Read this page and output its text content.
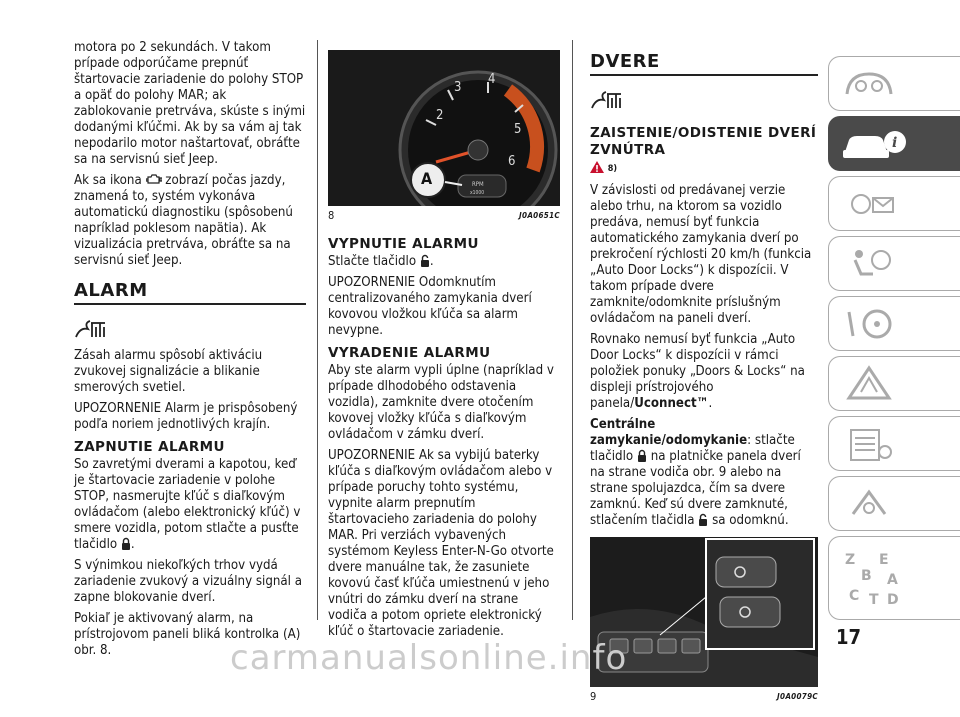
motora po 2 sekundách. V takom prípade odporúčame prepnúť štartovacie zariadenie do polohy STOP a opäť do polohy MAR; ak zablokovanie pretrváva, skúste s inými dodanými kľúčmi. Ak by sa vám aj tak nepodarilo motor naštartovať, obráťte sa na servisnú sieť Jeep.

Ak sa ikona zobrazí počas jazdy, znamená to, systém vykonáva automatickú diagnostiku (spôsobenú napríklad poklesom napätia). Ak vizualizácia pretrváva, obráťte sa na servisnú sieť Jeep.

ALARM

Zásah alarmu spôsobí aktiváciu zvukovej signalizácie a blikanie smerových svetiel.

UPOZORNENIE Alarm je prispôsobený podľa noriem jednotlivých krajín.

ZAPNUTIE ALARMU

So zavretými dverami a kapotou, keď je štartovacie zariadenie v polohe STOP, nasmerujte kľúč s diaľkovým ovládačom (alebo elektronický kľúč) v smere vozidla, potom stlačte a pusťte tlačidlo .

S výnimkou niekoľkých trhov vydá zariadenie zvukový a vizuálny signál a zapne blokovanie dverí.

Pokiaľ je aktivovaný alarm, na prístrojovom paneli bliká kontrolka (A) obr. 8.

A	RPM
x1000
2
3
4
5
6
8	J0A0651C
VYPNUTIE ALARMU

Stlačte tlačidlo .

UPOZORNENIE Odomknutím centralizovaného zamykania dverí kovovou vložkou kľúča sa alarm nevypne.

VYRADENIE ALARMU

Aby ste alarm vypli úplne (napríklad v prípade dlhodobého odstavenia vozidla), zamknite dvere otočením kovovej vložky kľúča s diaľkovým ovládačom v zámku dverí.

UPOZORNENIE Ak sa vybijú baterky kľúča s diaľkovým ovládačom alebo v prípade poruchy tohto systému, vypnite alarm prepnutím štartovacieho zariadenia do polohy MAR. Pri verziách vybavených systémom Keyless Enter-N-Go otvorte dvere manuálne tak, že zasuniete kovovú časť kľúča umiestnenú v jeho vnútri do zámku dverí na strane vodiča a potom opriete elektronický kľúč o štartovacie zariadenie.

DVERE
ZAISTENIE/ODISTENIE DVERÍ ZVNÚTRA
$^{8)}$

V závislosti od predávanej verzie alebo trhu, na ktorom sa vozidlo predáva, nemusí byť funkcia automatického zamykania dverí po prekročení rýchlosti 20 km/h (funkcia „Auto Door Locks“) k dispozícii. V takom prípade dvere zamknite/odomknite príslušným ovládačom na paneli dverí.

Rovnako nemusí byť funkcia „Auto Door Locks“ k dispozícii v rámci položiek ponuky „Doors & Locks“ na displeji prístrojového panela/Uconnect™.

Centrálne zamykanie/odomykanie: stlačte tlačidlo na platničke panela dverí na strane vodiča obr. 9 alebo na strane spolujazdca, čím sa dvere zamknú. Keď sú dvere zamknuté, stlačením tlačidla sa odomknú.

9	J0A0079C
i
Z E
B A
C T D
17
carmanualsonline.info
